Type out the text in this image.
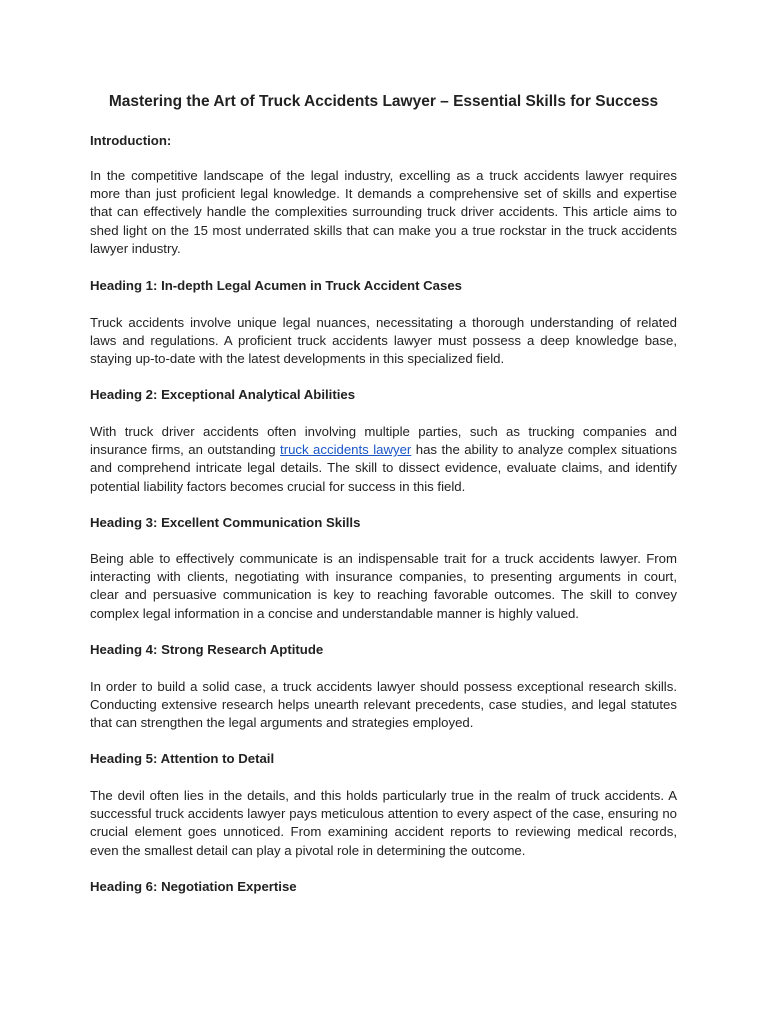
Mastering the Art of Truck Accidents Lawyer – Essential Skills for Success
Introduction:

In the competitive landscape of the legal industry, excelling as a truck accidents lawyer requires more than just proficient legal knowledge. It demands a comprehensive set of skills and expertise that can effectively handle the complexities surrounding truck driver accidents. This article aims to shed light on the 15 most underrated skills that can make you a true rockstar in the truck accidents lawyer industry.

Heading 1: In-depth Legal Acumen in Truck Accident Cases

Truck accidents involve unique legal nuances, necessitating a thorough understanding of related laws and regulations. A proficient truck accidents lawyer must possess a deep knowledge base, staying up-to-date with the latest developments in this specialized field.

Heading 2: Exceptional Analytical Abilities

With truck driver accidents often involving multiple parties, such as trucking companies and insurance firms, an outstanding truck accidents lawyer has the ability to analyze complex situations and comprehend intricate legal details. The skill to dissect evidence, evaluate claims, and identify potential liability factors becomes crucial for success in this field.

Heading 3: Excellent Communication Skills

Being able to effectively communicate is an indispensable trait for a truck accidents lawyer. From interacting with clients, negotiating with insurance companies, to presenting arguments in court, clear and persuasive communication is key to reaching favorable outcomes. The skill to convey complex legal information in a concise and understandable manner is highly valued.

Heading 4: Strong Research Aptitude

In order to build a solid case, a truck accidents lawyer should possess exceptional research skills. Conducting extensive research helps unearth relevant precedents, case studies, and legal statutes that can strengthen the legal arguments and strategies employed.

Heading 5: Attention to Detail

The devil often lies in the details, and this holds particularly true in the realm of truck accidents. A successful truck accidents lawyer pays meticulous attention to every aspect of the case, ensuring no crucial element goes unnoticed. From examining accident reports to reviewing medical records, even the smallest detail can play a pivotal role in determining the outcome.

Heading 6: Negotiation Expertise
